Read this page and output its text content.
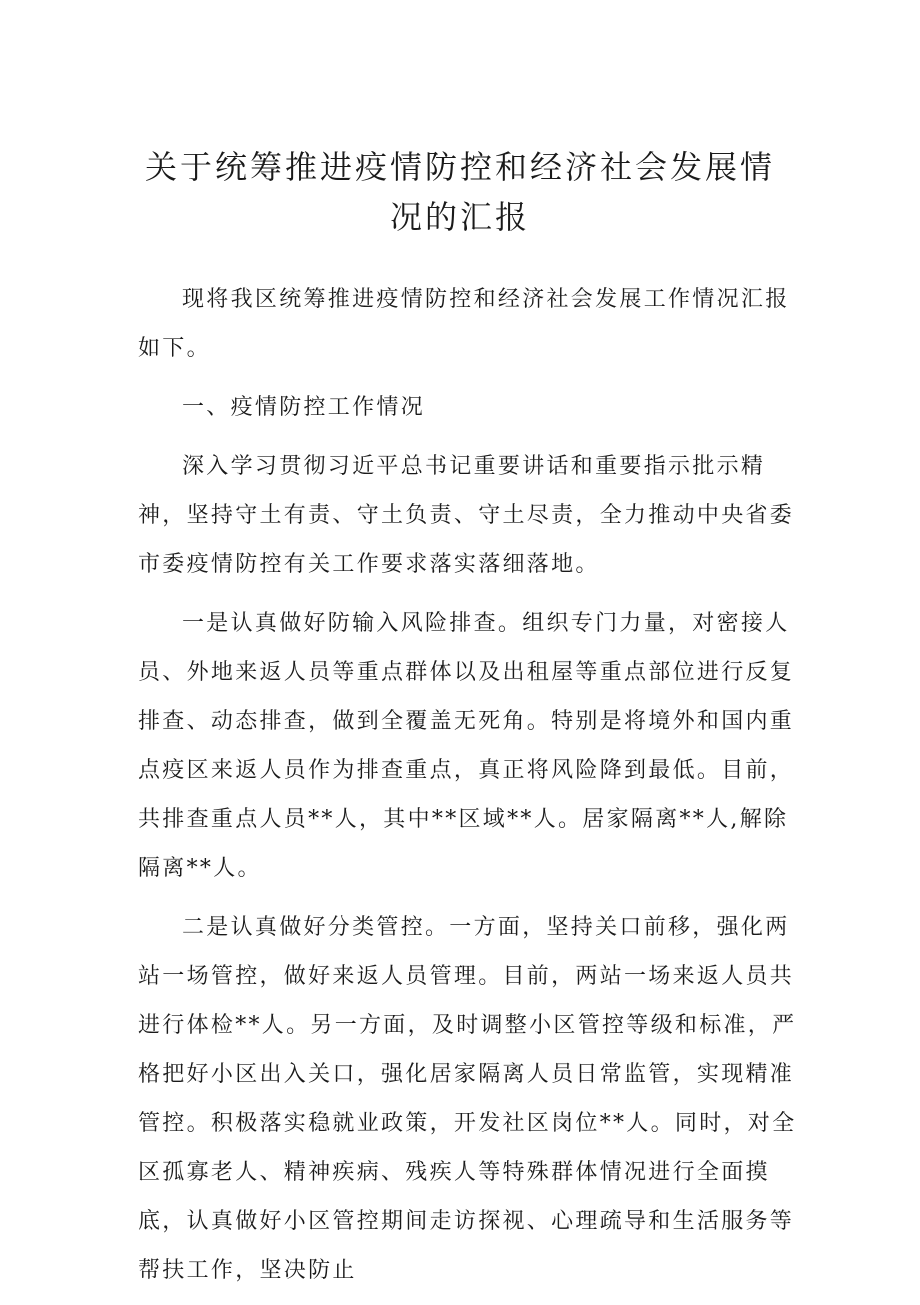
关于统筹推进疫情防控和经济社会发展情况的汇报

现将我区统筹推进疫情防控和经济社会发展工作情况汇报如下。

一、疫情防控工作情况

深入学习贯彻习近平总书记重要讲话和重要指示批示精神，坚持守土有责、守土负责、守土尽责，全力推动中央省委市委疫情防控有关工作要求落实落细落地。

一是认真做好防输入风险排查。组织专门力量，对密接人员、外地来返人员等重点群体以及出租屋等重点部位进行反复排查、动态排查，做到全覆盖无死角。特别是将境外和国内重点疫区来返人员作为排查重点，真正将风险降到最低。目前，共排查重点人员**人，其中**区域**人。居家隔离**人,解除隔离**人。

二是认真做好分类管控。一方面，坚持关口前移，强化两站一场管控，做好来返人员管理。目前，两站一场来返人员共进行体检**人。另一方面，及时调整小区管控等级和标准，严格把好小区出入关口，强化居家隔离人员日常监管，实现精准管控。积极落实稳就业政策，开发社区岗位**人。同时，对全区孤寡老人、精神疾病、残疾人等特殊群体情况进行全面摸底，认真做好小区管控期间走访探视、心理疏导和生活服务等帮扶工作，坚决防止
